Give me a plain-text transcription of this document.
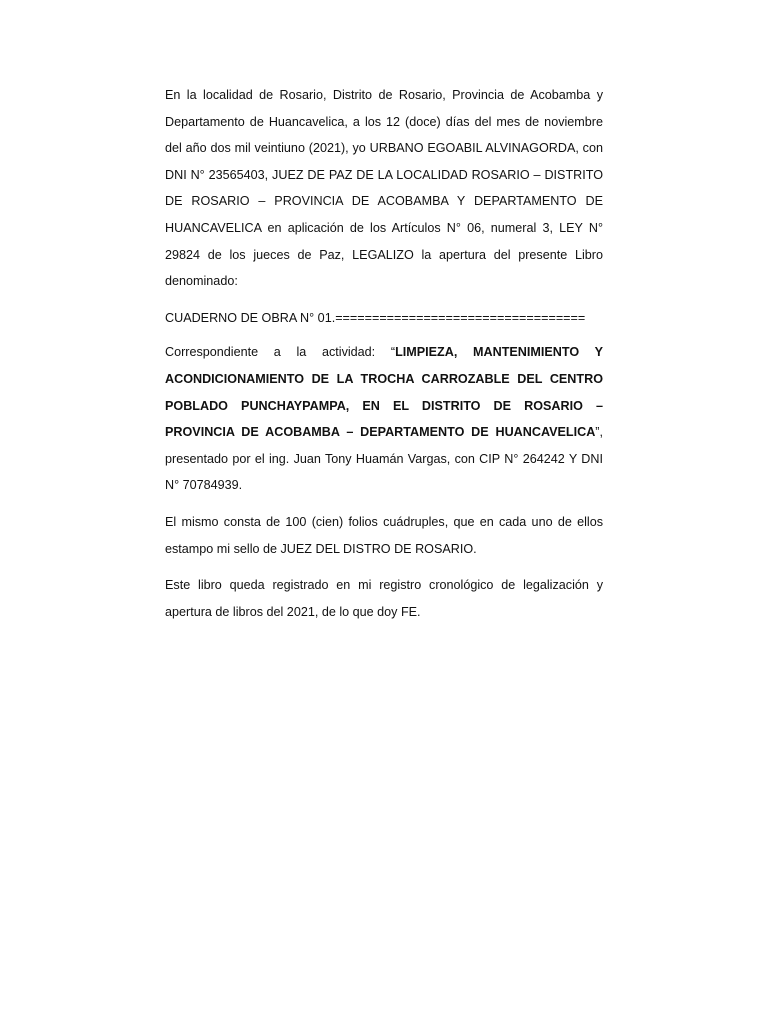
En la localidad de Rosario, Distrito de Rosario, Provincia de Acobamba y Departamento de Huancavelica, a los 12 (doce) días del mes de noviembre del año dos mil veintiuno (2021), yo URBANO EGOABIL ALVINAGORDA, con DNI N° 23565403, JUEZ DE PAZ DE LA LOCALIDAD ROSARIO – DISTRITO DE ROSARIO – PROVINCIA DE ACOBAMBA Y DEPARTAMENTO DE HUANCAVELICA en aplicación de los Artículos N° 06, numeral 3, LEY N° 29824 de los jueces de Paz, LEGALIZO la apertura del presente Libro denominado:

CUADERNO DE OBRA N° 01.==================================

Correspondiente a la actividad: “LIMPIEZA, MANTENIMIENTO Y ACONDICIONAMIENTO DE LA TROCHA CARROZABLE DEL CENTRO POBLADO PUNCHAYPAMPA, EN EL DISTRITO DE ROSARIO – PROVINCIA DE ACOBAMBA – DEPARTAMENTO DE HUANCAVELICA”, presentado por el ing. Juan Tony Huamán Vargas, con CIP N° 264242 Y DNI N° 70784939.

El mismo consta de 100 (cien) folios cuádruples, que en cada uno de ellos estampo mi sello de JUEZ DEL DISTRO DE ROSARIO.

Este libro queda registrado en mi registro cronológico de legalización y apertura de libros del 2021, de lo que doy FE.
